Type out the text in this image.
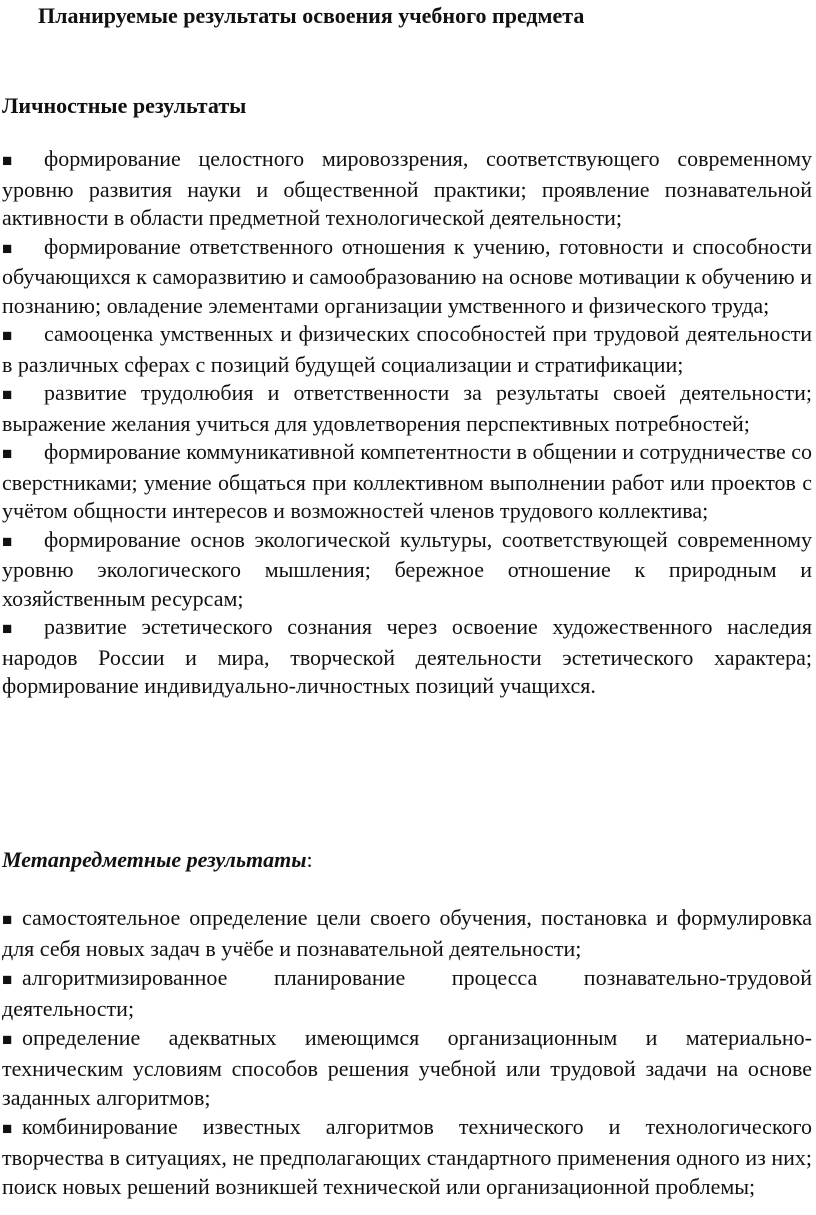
Планируемые результаты освоения учебного предмета
Личностные результаты
■ формирование целостного мировоззрения, соответствующего современному уровню развития науки и общественной практики; проявление познавательной активности в области предметной технологической деятельности;
■ формирование ответственного отношения к учению, готовности и способности обучающихся к саморазвитию и самообразованию на основе мотивации к обучению и познанию; овладение элементами организации умственного и физического труда;
■ самооценка умственных и физических способностей при трудовой деятельности в различных сферах с позиций будущей социализации и стратификации;
■ развитие трудолюбия и ответственности за результаты своей деятельности; выражение желания учиться для удовлетворения перспективных потребностей;
■ формирование коммуникативной компетентности в общении и сотрудничестве со сверстниками; умение общаться при коллективном выполнении работ или проектов с учётом общности интересов и возможностей членов трудового коллектива;
■ формирование основ экологической культуры, соответствующей современному уровню экологического мышления; бережное отношение к природным и хозяйственным ресурсам;
■ развитие эстетического сознания через освоение художественного наследия народов России и мира, творческой деятельности эстетического характера; формирование индивидуально-личностных позиций учащихся.
Метапредметные результаты:
■ самостоятельное определение цели своего обучения, постановка и формулировка для себя новых задач в учёбе и познавательной деятельности;
■ алгоритмизированное планирование процесса познавательно-трудовой деятельности;
■ определение адекватных имеющимся организационным и материально-техническим условиям способов решения учебной или трудовой задачи на основе заданных алгоритмов;
■ комбинирование известных алгоритмов технического и технологического творчества в ситуациях, не предполагающих стандартного применения одного из них; поиск новых решений возникшей технической или организационной проблемы;
